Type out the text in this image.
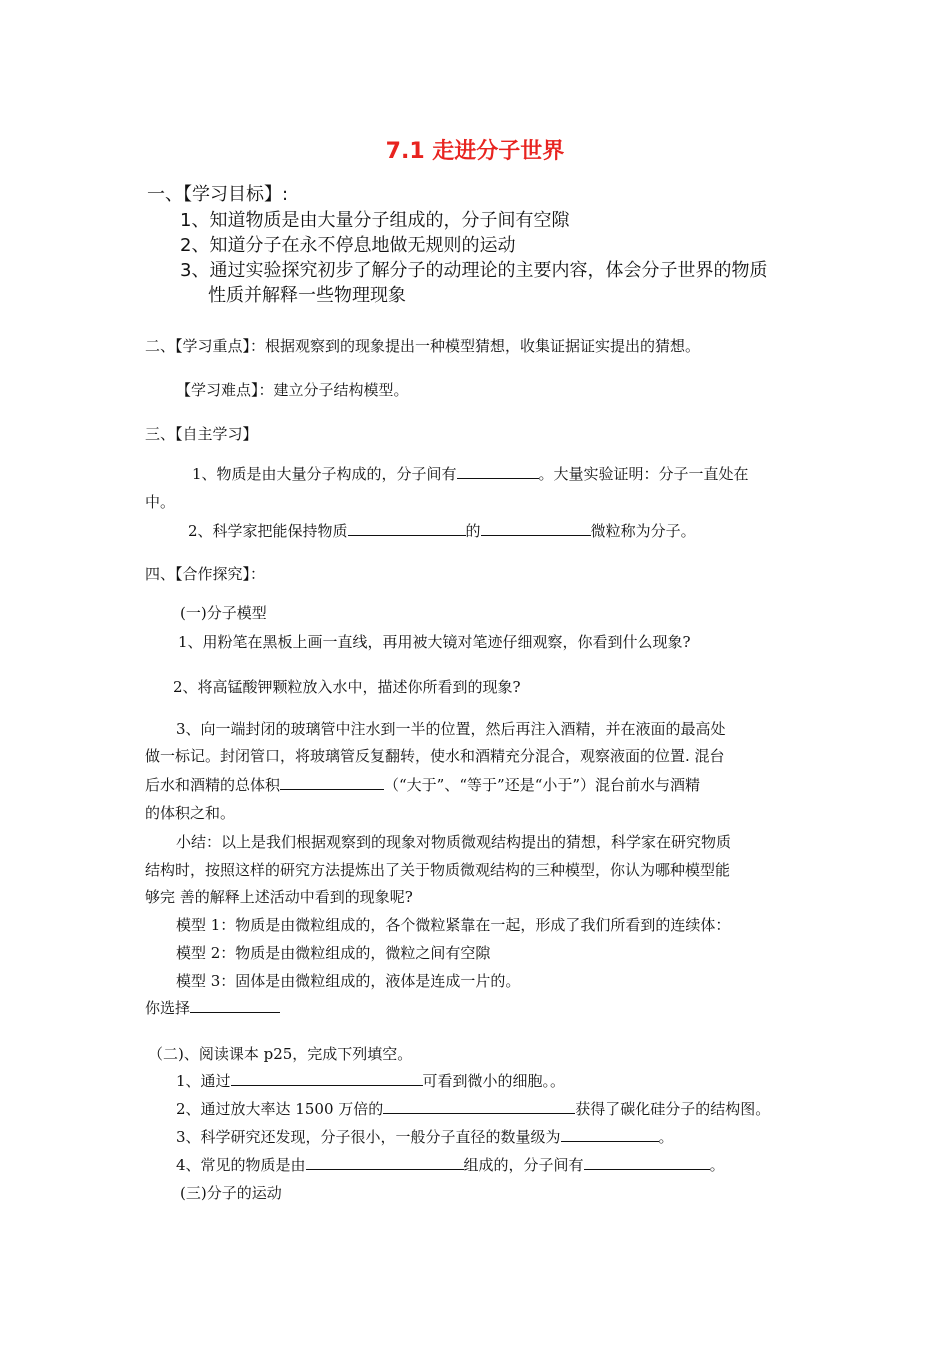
7.1 走进分子世界
一、【学习目标】:
1、知道物质是由大量分子组成的，分子间有空隙
2、知道分子在永不停息地做无规则的运动
3、通过实验探究初步了解分子的动理论的主要内容，体会分子世界的物质
性质并解释一些物理现象
二、【学习重点】：根据观察到的现象提出一种模型猜想，收集证据证实提出的猜想。
【学习难点】：建立分子结构模型。
三、【自主学习】
1、物质是由大量分子构成的，分子间有	。大量实验证明：分子一直处在
中。
2、科学家把能保持物质	的	微粒称为分子。
四、【合作探究】：
(一)分子模型
1、用粉笔在黑板上画一直线，再用被大镜对笔迹仔细观察，你看到什么现象?
2、将高锰酸钾颗粒放入水中，描述你所看到的现象?
3、向一端封闭的玻璃管中注水到一半的位置，然后再注入酒精，并在液面的最高处
做一标记。封闭管口，将玻璃管反复翻转，使水和酒精充分混合，观察液面的位置. 混台
后水和酒精的总体积	（“大于”、“等于”还是“小于”）混台前水与酒精
的体积之和。
小结：以上是我们根据观察到的现象对物质微观结构提出的猜想，科学家在研究物质
结构时，按照这样的研究方法提炼出了关于物质微观结构的三种模型，你认为哪种模型能
够完 善的解释上述活动中看到的现象呢?
模型 1：物质是由微粒组成的，各个微粒紧靠在一起，形成了我们所看到的连续体：
模型 2：物质是由微粒组成的，微粒之间有空隙
模型 3：固体是由微粒组成的，液体是连成一片的。
你选择
（二)、阅读课本 p25，完成下列填空。
1、通过	可看到微小的细胞。。
2、通过放大率达 1500 万倍的	获得了碳化硅分子的结构图。
3、科学研究还发现，分子很小，一般分子直径的数量级为	。
4、常见的物质是由	组成的，分子间有	。
(三)分子的运动
